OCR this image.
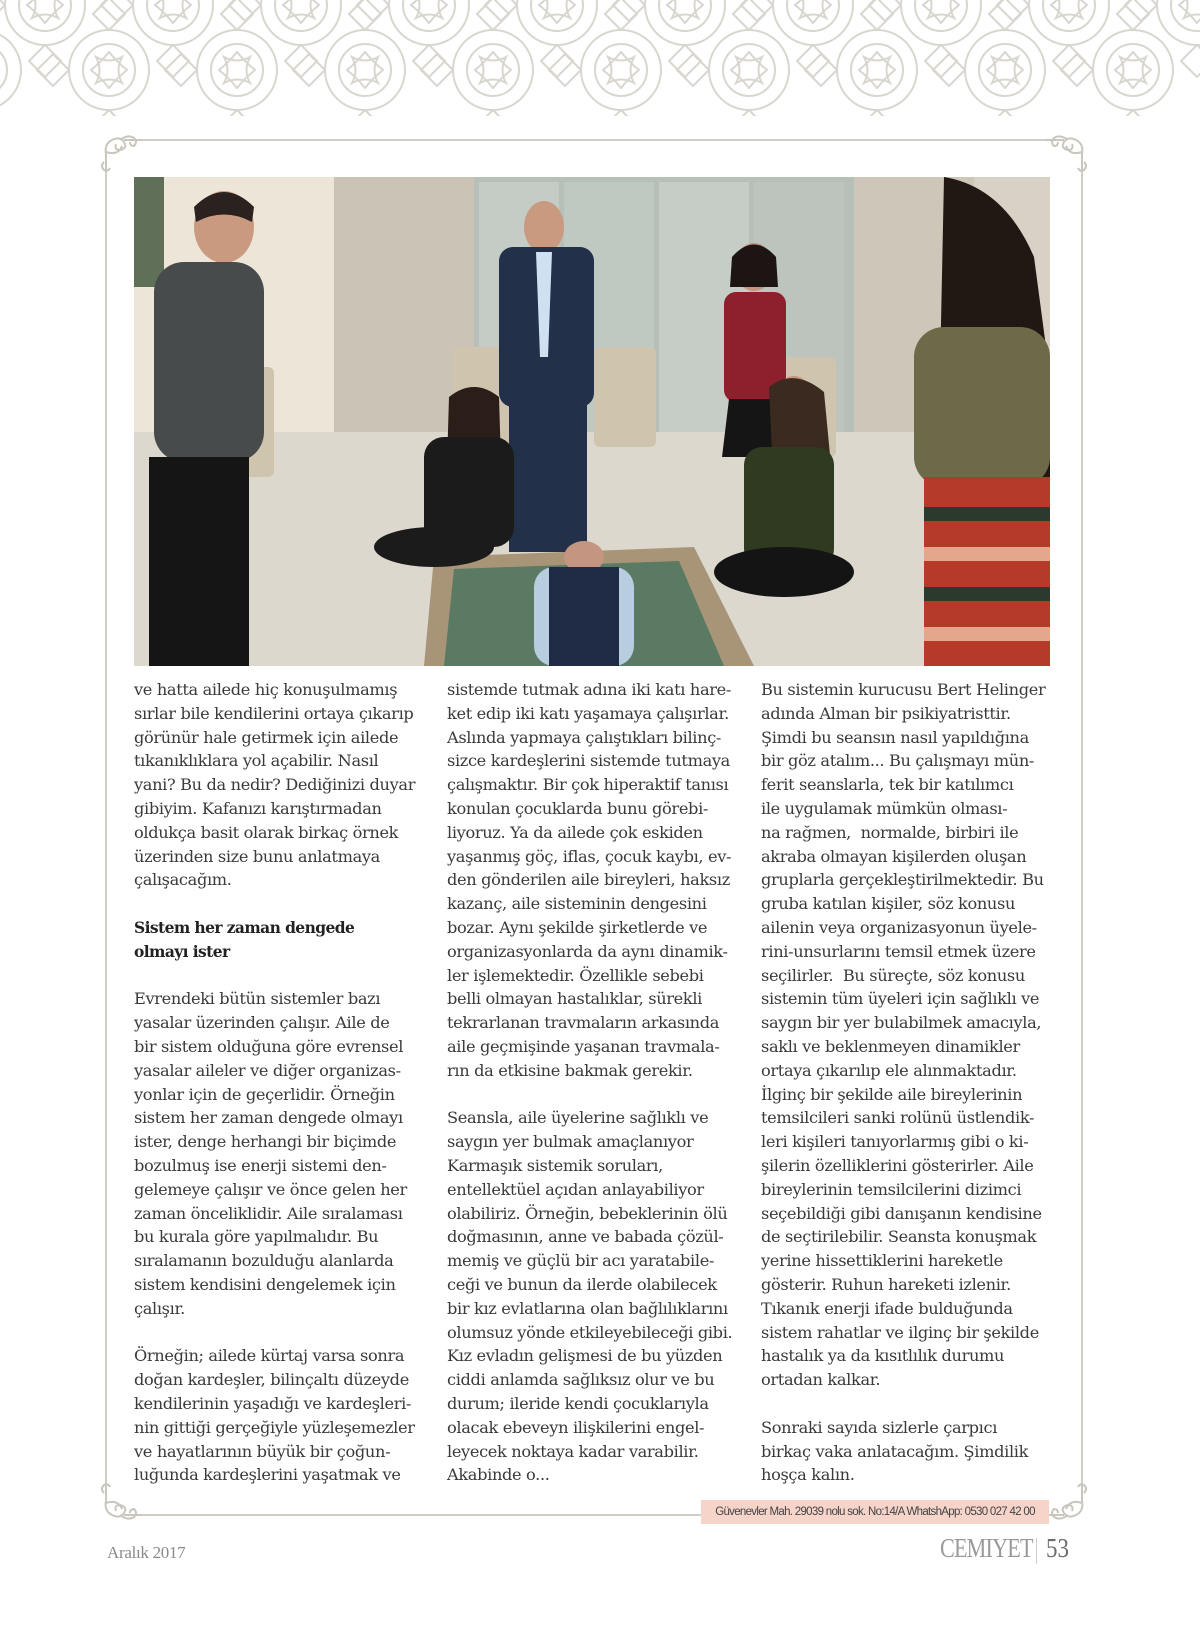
ve hatta ailede hiç konuşulmamış
sırlar bile kendilerini ortaya çıkarıp
görünür hale getirmek için ailede
tıkanıklıklara yol açabilir. Nasıl
yani? Bu da nedir? Dediğinizi duyar
gibiyim. Kafanızı karıştırmadan
oldukça basit olarak birkaç örnek
üzerinden size bunu anlatmaya
çalışacağım.

Sistem her zaman dengede
olmayı ister

Evrendeki bütün sistemler bazı
yasalar üzerinden çalışır. Aile de
bir sistem olduğuna göre evrensel
yasalar aileler ve diğer organizas-
yonlar için de geçerlidir. Örneğin
sistem her zaman dengede olmayı
ister, denge herhangi bir biçimde
bozulmuş ise enerji sistemi den-
gelemeye çalışır ve önce gelen her
zaman önceliklidir. Aile sıralaması
bu kurala göre yapılmalıdır. Bu
sıralamanın bozulduğu alanlarda
sistem kendisini dengelemek için
çalışır.

Örneğin; ailede kürtaj varsa sonra
doğan kardeşler, bilinçaltı düzeyde
kendilerinin yaşadığı ve kardeşleri-
nin gittiği gerçeğiyle yüzleşemezler
ve hayatlarının büyük bir çoğun-
luğunda kardeşlerini yaşatmak ve

sistemde tutmak adına iki katı hare-
ket edip iki katı yaşamaya çalışırlar.
Aslında yapmaya çalıştıkları bilinç-
sizce kardeşlerini sistemde tutmaya
çalışmaktır. Bir çok hiperaktif tanısı
konulan çocuklarda bunu görebi-
liyoruz. Ya da ailede çok eskiden
yaşanmış göç, iflas, çocuk kaybı, ev-
den gönderilen aile bireyleri, haksız
kazanç, aile sisteminin dengesini
bozar. Aynı şekilde şirketlerde ve
organizasyonlarda da aynı dinamik-
ler işlemektedir. Özellikle sebebi
belli olmayan hastalıklar, sürekli
tekrarlanan travmaların arkasında
aile geçmişinde yaşanan travmala-
rın da etkisine bakmak gerekir.

Seansla, aile üyelerine sağlıklı ve
saygın yer bulmak amaçlanıyor
Karmaşık sistemik soruları,
entellektüel açıdan anlayabiliyor
olabiliriz. Örneğin, bebeklerinin ölü
doğmasının, anne ve babada çözül-
memiş ve güçlü bir acı yaratabile-
ceği ve bunun da ilerde olabilecek
bir kız evlatlarına olan bağlılıklarını
olumsuz yönde etkileyebileceği gibi.
Kız evladın gelişmesi de bu yüzden
ciddi anlamda sağlıksız olur ve bu
durum; ileride kendi çocuklarıyla
olacak ebeveyn ilişkilerini engel-
leyecek noktaya kadar varabilir.
Akabinde o...

Bu sistemin kurucusu Bert Helinger
adında Alman bir psikiyatristtir.
Şimdi bu seansın nasıl yapıldığına
bir göz atalım... Bu çalışmayı mün-
ferit seanslarla, tek bir katılımcı
ile uygulamak mümkün olması-
na rağmen,  normalde, birbiri ile
akraba olmayan kişilerden oluşan
gruplarla gerçekleştirilmektedir. Bu
gruba katılan kişiler, söz konusu
ailenin veya organizasyonun üyele-
rini-unsurlarını temsil etmek üzere
seçilirler.  Bu süreçte, söz konusu
sistemin tüm üyeleri için sağlıklı ve
saygın bir yer bulabilmek amacıyla,
saklı ve beklenmeyen dinamikler
ortaya çıkarılıp ele alınmaktadır.
İlginç bir şekilde aile bireylerinin
temsilcileri sanki rolünü üstlendik-
leri kişileri tanıyorlarmış gibi o ki-
şilerin özelliklerini gösterirler. Aile
bireylerinin temsilcilerini dizimci
seçebildiği gibi danışanın kendisine
de seçtirilebilir. Seansta konuşmak
yerine hissettiklerini hareketle
gösterir. Ruhun hareketi izlenir.
Tıkanık enerji ifade bulduğunda
sistem rahatlar ve ilginç bir şekilde
hastalık ya da kısıtlılık durumu
ortadan kalkar.

Sonraki sayıda sizlerle çarpıcı
birkaç vaka anlatacağım. Şimdilik
hoşça kalın.

Güvenevler Mah. 29039 nolu sok. No:14/A WhatshApp: 0530 027 42 00
Aralık 2017	CEMIYET 53
